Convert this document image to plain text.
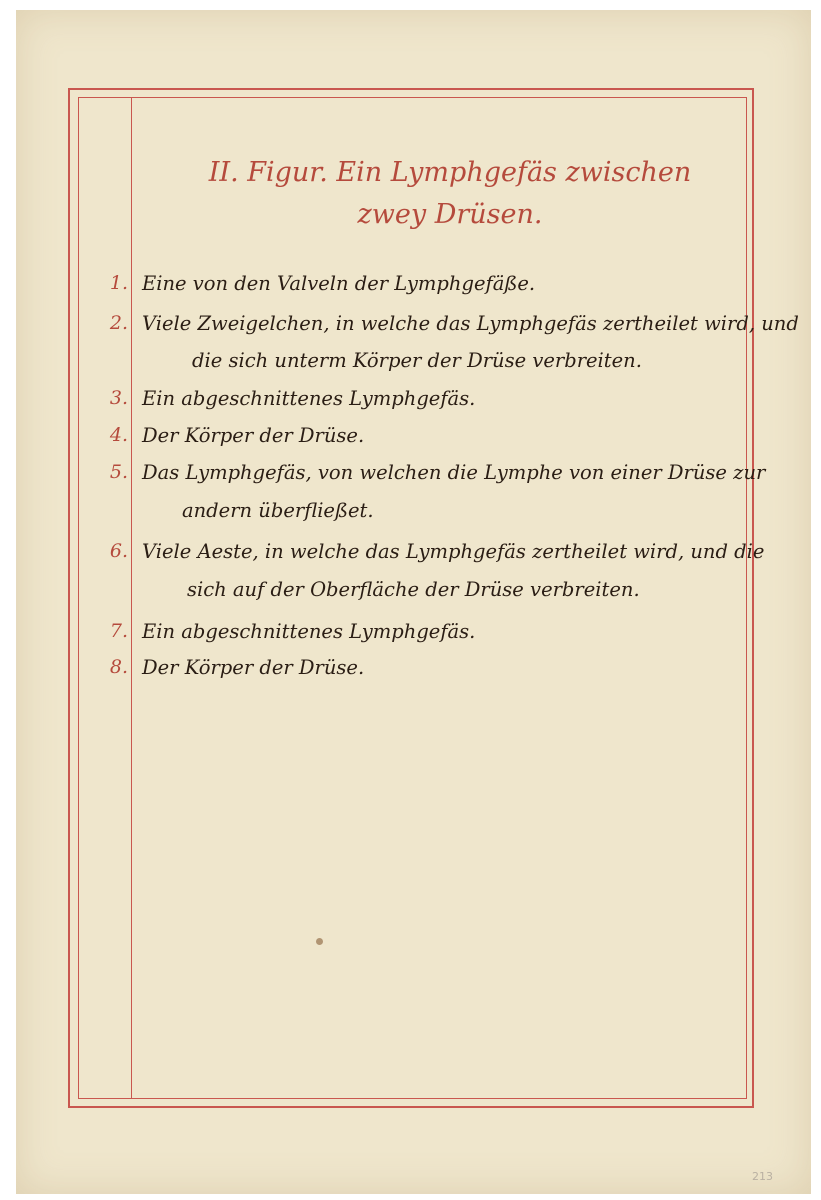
II. Figur. Ein Lymphgefäs zwischen zwey Drüsen.
1. Eine von den Valveln der Lymphgefäße.
2. Viele Zweigelchen, in welche das Lymphgefäs zertheilet wird, und
die sich unterm Körper der Drüse verbreiten.
3. Ein abgeschnittenes Lymphgefäs.
4. Der Körper der Drüse.
5. Das Lymphgefäs, von welchen die Lymphe von einer Drüse zur
andern überfließet.
6. Viele Aeste, in welche das Lymphgefäs zertheilet wird, und die
sich auf der Oberfläche der Drüse verbreiten.
7. Ein abgeschnittenes Lymphgefäs.
8. Der Körper der Drüse.
213
